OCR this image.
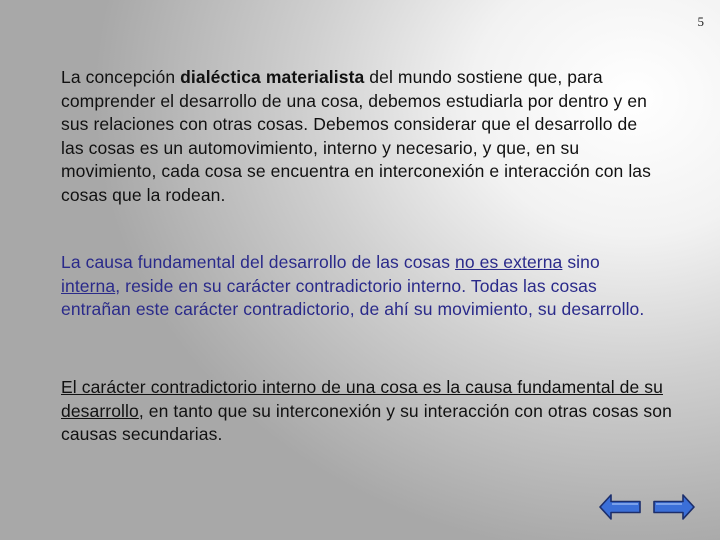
5

La concepción dialéctica materialista del mundo sostiene que, para comprender el desarrollo de una cosa, debemos estudiarla por dentro y en sus relaciones con otras cosas. Debemos considerar que el desarrollo de las cosas es un automovimiento, interno y necesario, y que, en su movimiento, cada cosa se encuentra en interconexión e interacción con las cosas que la rodean.

La causa fundamental del desarrollo de las cosas no es externa sino interna, reside en su carácter contradictorio interno. Todas las cosas entrañan este carácter contradictorio, de ahí su movimiento, su desarrollo.

El carácter contradictorio interno de una cosa es la causa fundamental de su desarrollo, en tanto que su interconexión y su interacción con otras cosas son causas secundarias.
